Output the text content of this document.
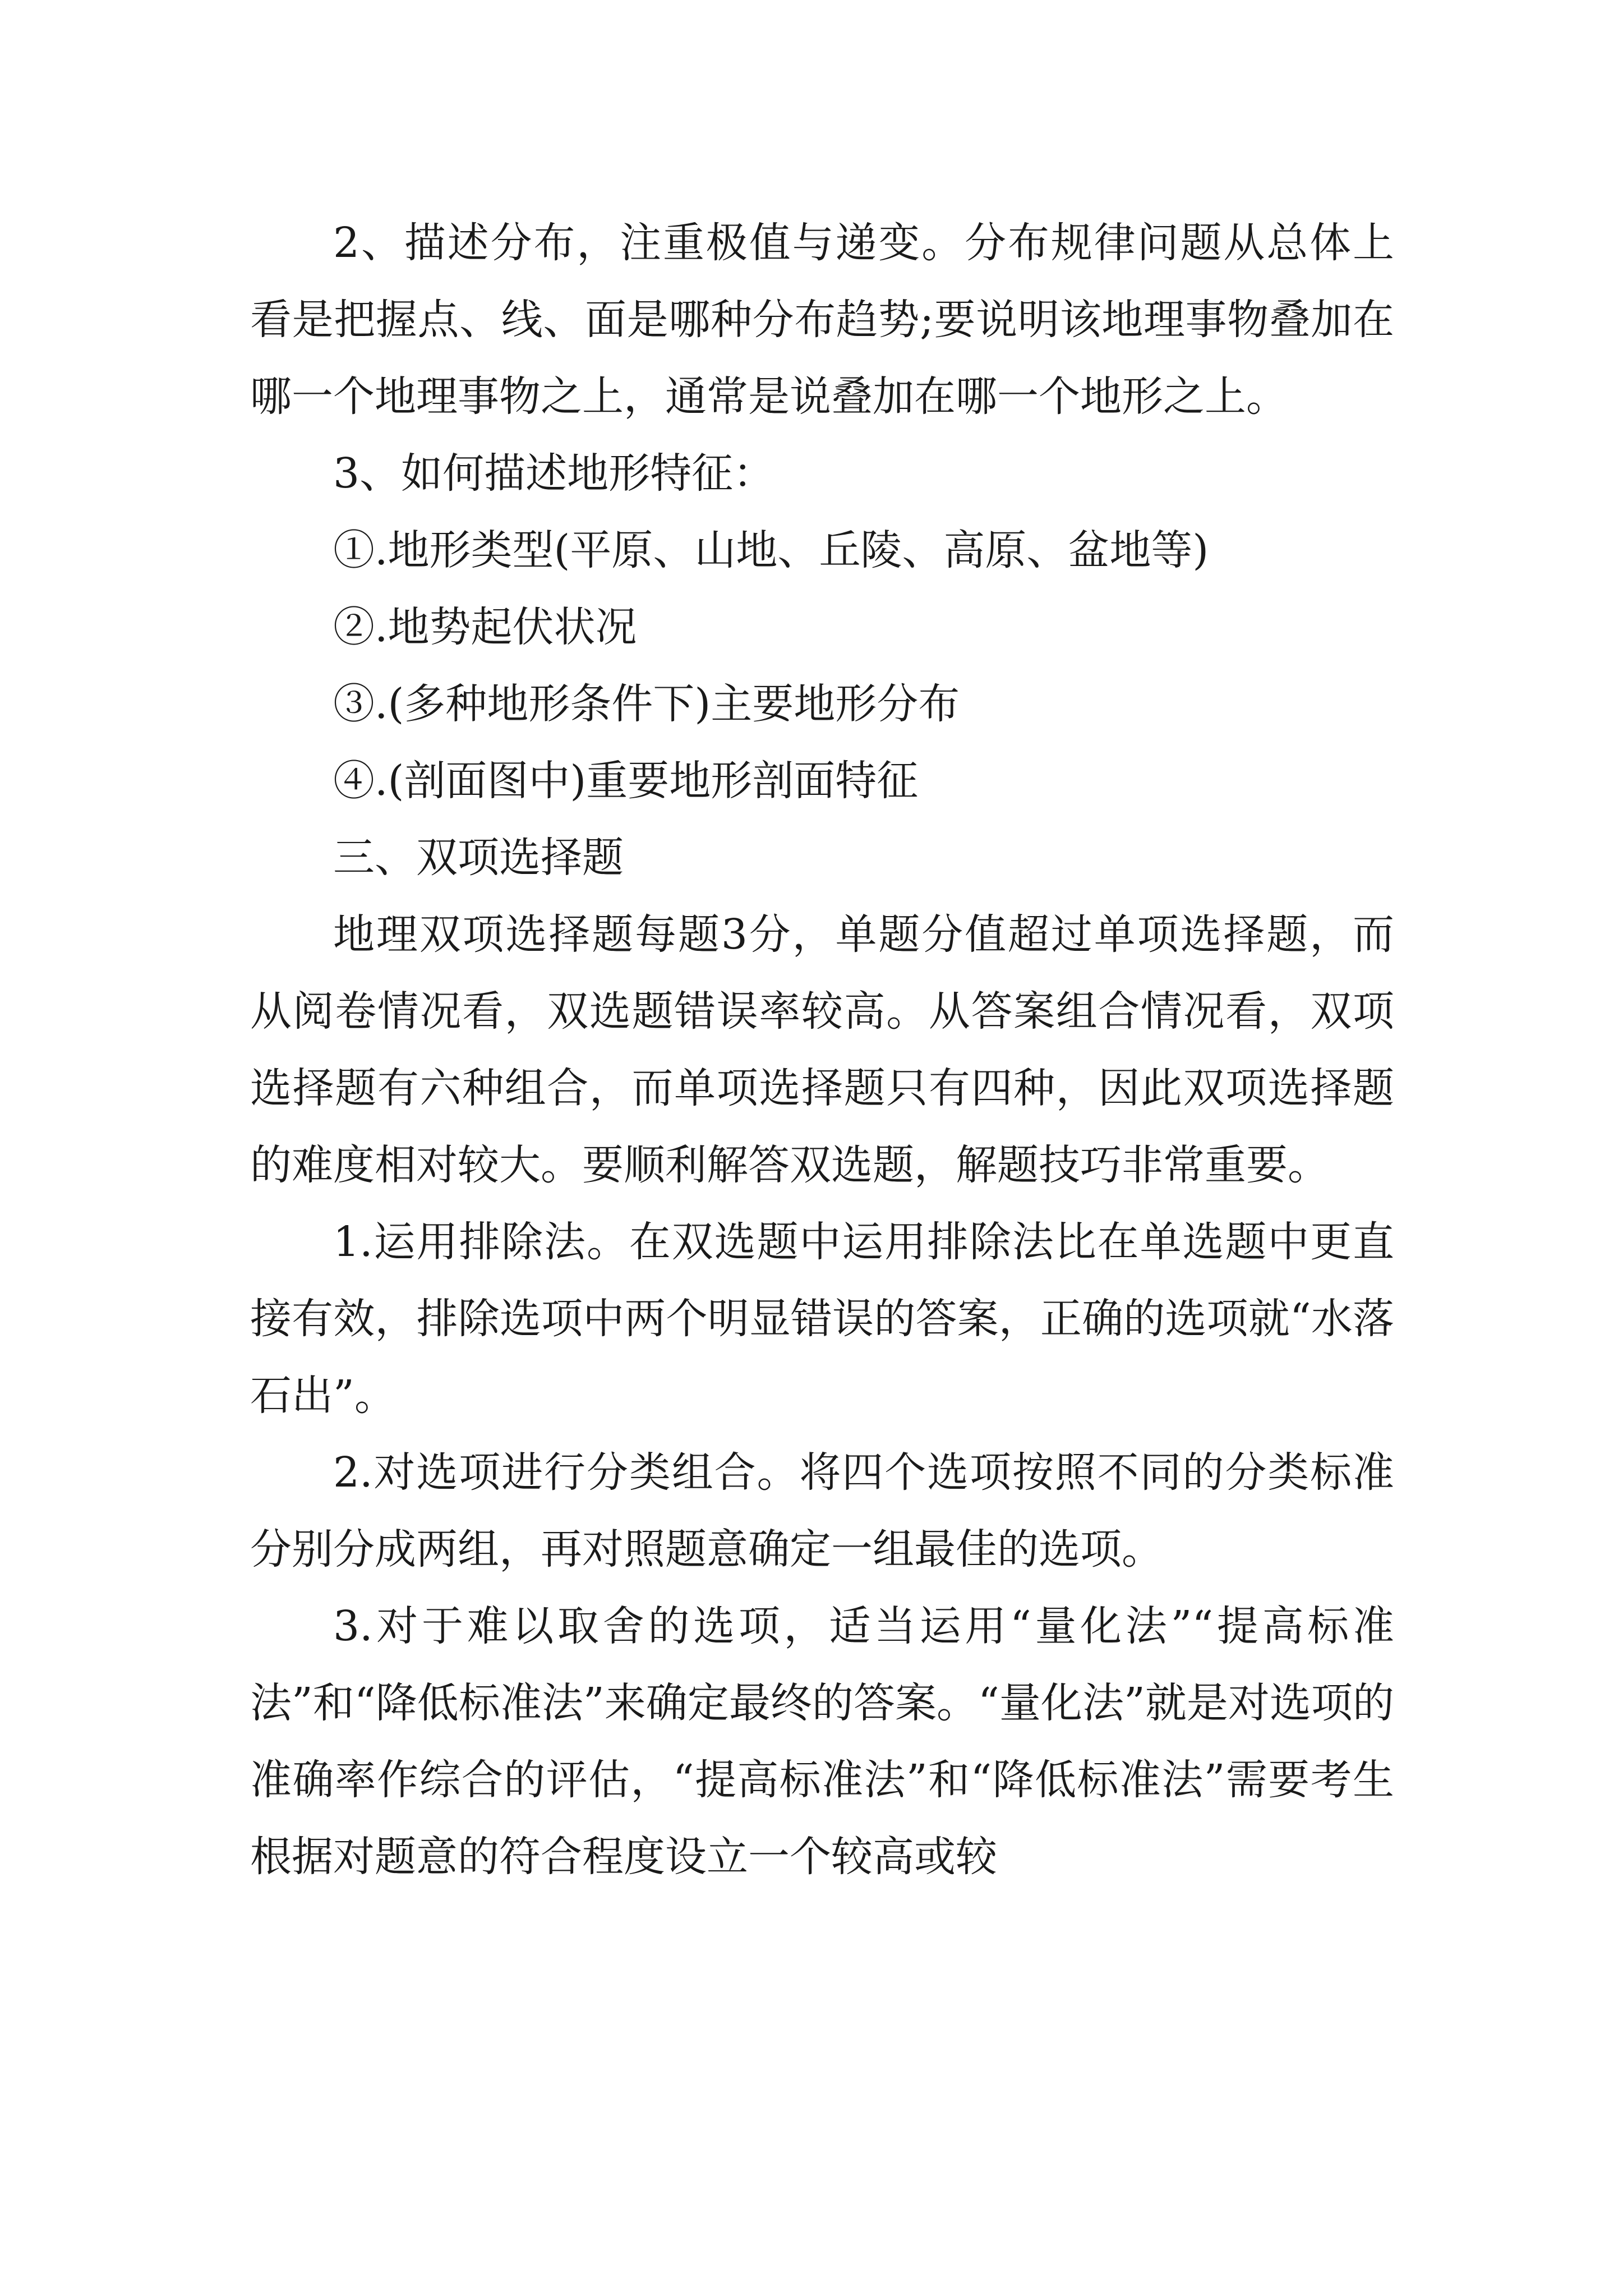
2、描述分布，注重极值与递变。分布规律问题从总体上看是把握点、线、面是哪种分布趋势;要说明该地理事物叠加在哪一个地理事物之上，通常是说叠加在哪一个地形之上。

3、如何描述地形特征：

①.地形类型(平原、山地、丘陵、高原、盆地等)

②.地势起伏状况

③.(多种地形条件下)主要地形分布

④.(剖面图中)重要地形剖面特征

三、双项选择题

地理双项选择题每题3分，单题分值超过单项选择题，而从阅卷情况看，双选题错误率较高。从答案组合情况看，双项选择题有六种组合，而单项选择题只有四种，因此双项选择题的难度相对较大。要顺利解答双选题，解题技巧非常重要。

1.运用排除法。在双选题中运用排除法比在单选题中更直接有效，排除选项中两个明显错误的答案，正确的选项就“水落石出”。

2.对选项进行分类组合。将四个选项按照不同的分类标准分别分成两组，再对照题意确定一组最佳的选项。

3.对于难以取舍的选项，适当运用“量化法”“提高标准法”和“降低标准法”来确定最终的答案。“量化法”就是对选项的准确率作综合的评估，“提高标准法”和“降低标准法”需要考生根据对题意的符合程度设立一个较高或较
